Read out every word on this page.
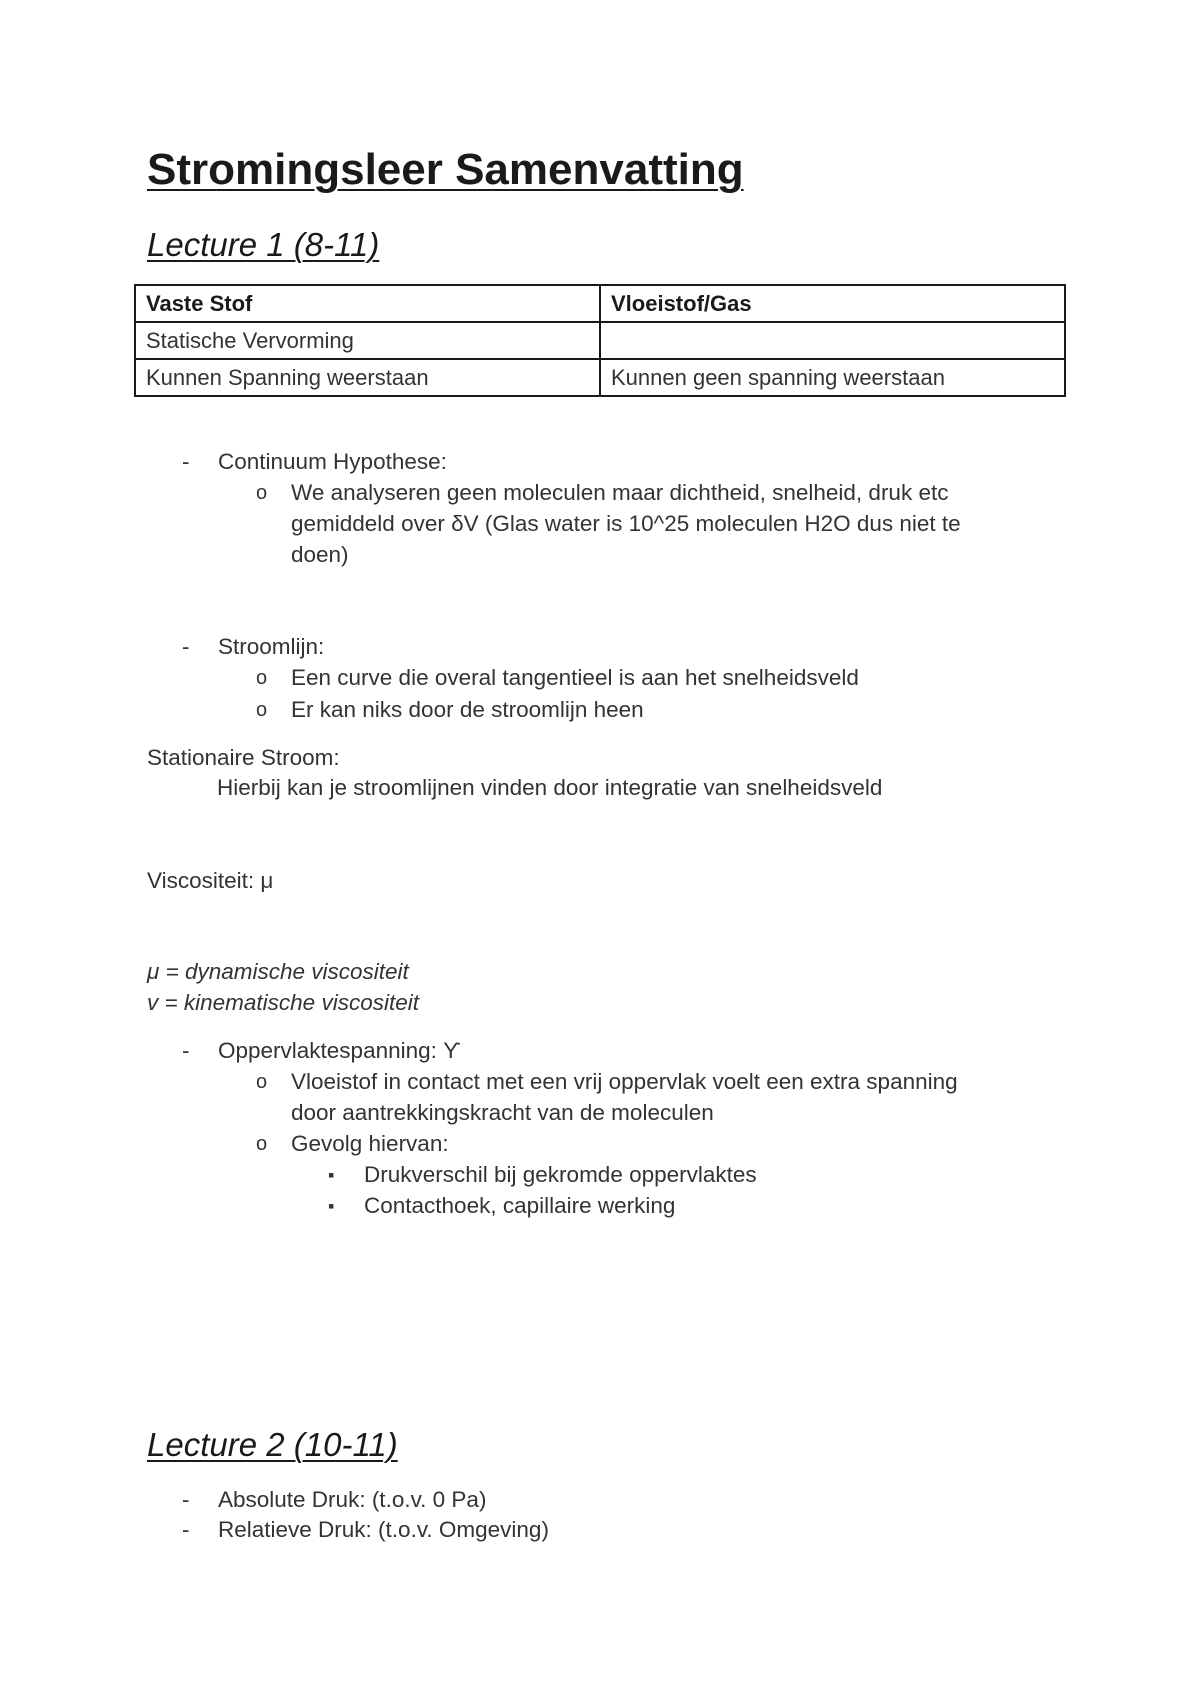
Stromingsleer Samenvatting
Lecture 1 (8-11)
Vaste Stof	Vloeistof/Gas
Statische Vervorming	
Kunnen Spanning weerstaan	Kunnen geen spanning weerstaan
- Continuum Hypothese:
o We analyseren geen moleculen maar dichtheid, snelheid, druk etc
gemiddeld over δV (Glas water is 10^25 moleculen H2O dus niet te
doen)
- Stroomlijn:
o Een curve die overal tangentieel is aan het snelheidsveld
o Er kan niks door de stroomlijn heen
Stationaire Stroom:
Hierbij kan je stroomlijnen vinden door integratie van snelheidsveld
Viscositeit: μ
μ = dynamische viscositeit
v = kinematische viscositeit
- Oppervlaktespanning: ϒ
o Vloeistof in contact met een vrij oppervlak voelt een extra spanning
door aantrekkingskracht van de moleculen
o Gevolg hiervan:
▪ Drukverschil bij gekromde oppervlaktes
▪ Contacthoek, capillaire werking
Lecture 2 (10-11)
- Absolute Druk: (t.o.v. 0 Pa)
- Relatieve Druk: (t.o.v. Omgeving)
